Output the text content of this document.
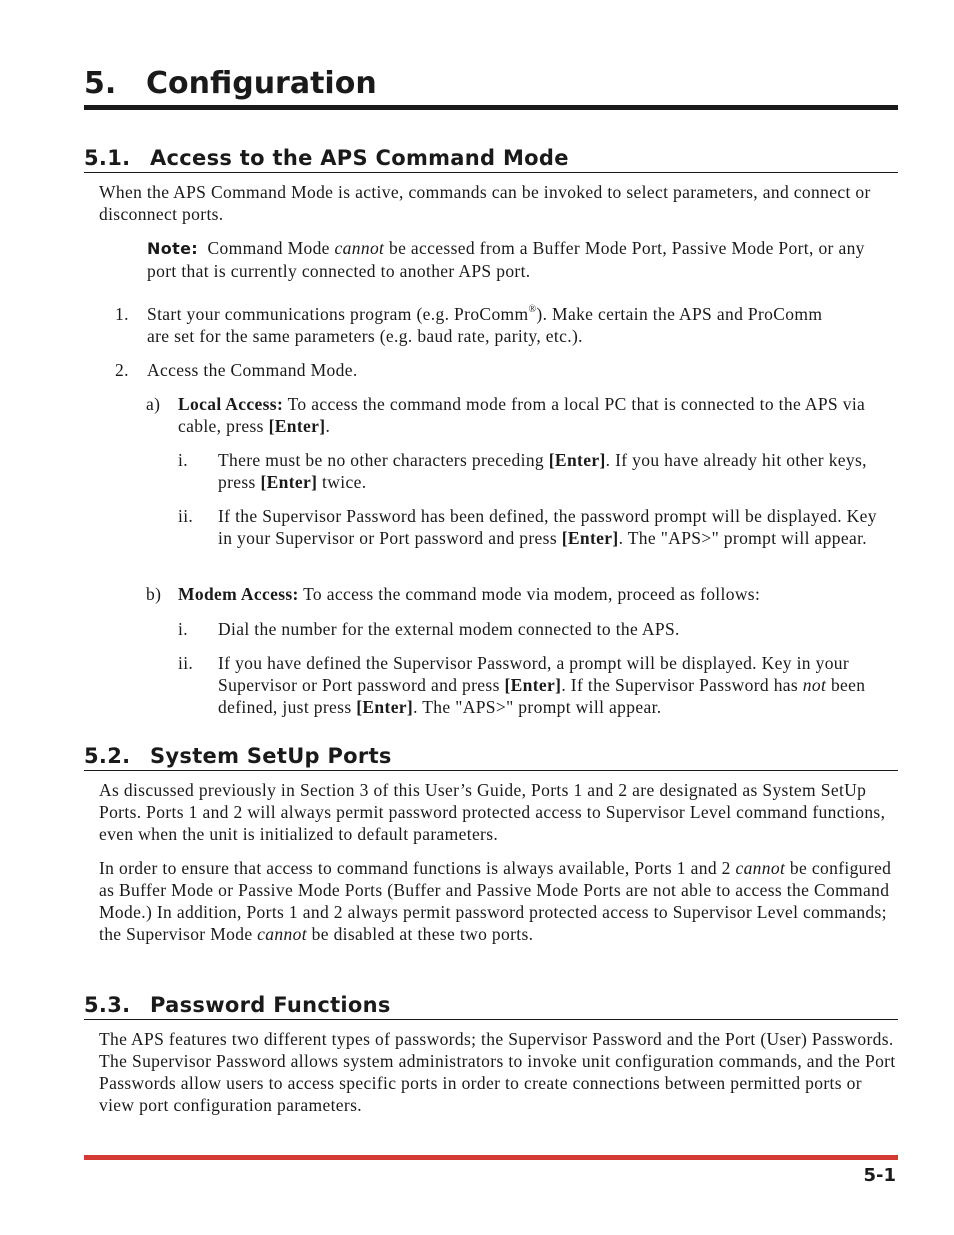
5. Configuration
5.1. Access to the APS Command Mode

When the APS Command Mode is active, commands can be invoked to select parameters, and connect or disconnect ports.

Note: Command Mode cannot be accessed from a Buffer Mode Port, Passive Mode Port, or any port that is currently connected to another APS port.

1.	Start your communications program (e.g. ProComm®). Make certain the APS and ProComm are set for the same parameters (e.g. baud rate, parity, etc.).
2.	Access the Command Mode.
a)	Local Access: To access the command mode from a local PC that is connected to the APS via cable, press [Enter].
i.	There must be no other characters preceding [Enter]. If you have already hit other keys, press [Enter] twice.
ii.	If the Supervisor Password has been defined, the password prompt will be displayed. Key in your Supervisor or Port password and press [Enter]. The "APS>" prompt will appear.
b) Modem Access: To access the command mode via modem, proceed as follows:
i.	Dial the number for the external modem connected to the APS.
ii.	If you have defined the Supervisor Password, a prompt will be displayed. Key in your Supervisor or Port password and press [Enter]. If the Supervisor Password has not been defined, just press [Enter]. The "APS>" prompt will appear.
5.2. System SetUp Ports

As discussed previously in Section 3 of this User’s Guide, Ports 1 and 2 are designated as System SetUp Ports. Ports 1 and 2 will always permit password protected access to Supervisor Level command functions, even when the unit is initialized to default parameters.

In order to ensure that access to command functions is always available, Ports 1 and 2 cannot be configured as Buffer Mode or Passive Mode Ports (Buffer and Passive Mode Ports are not able to access the Command Mode.) In addition, Ports 1 and 2 always permit password protected access to Supervisor Level commands; the Supervisor Mode cannot be disabled at these two ports.

5.3. Password Functions

The APS features two different types of passwords; the Supervisor Password and the Port (User) Passwords. The Supervisor Password allows system administrators to invoke unit configuration commands, and the Port Passwords allow users to access specific ports in order to create connections between permitted ports or view port configuration parameters.

5-1
